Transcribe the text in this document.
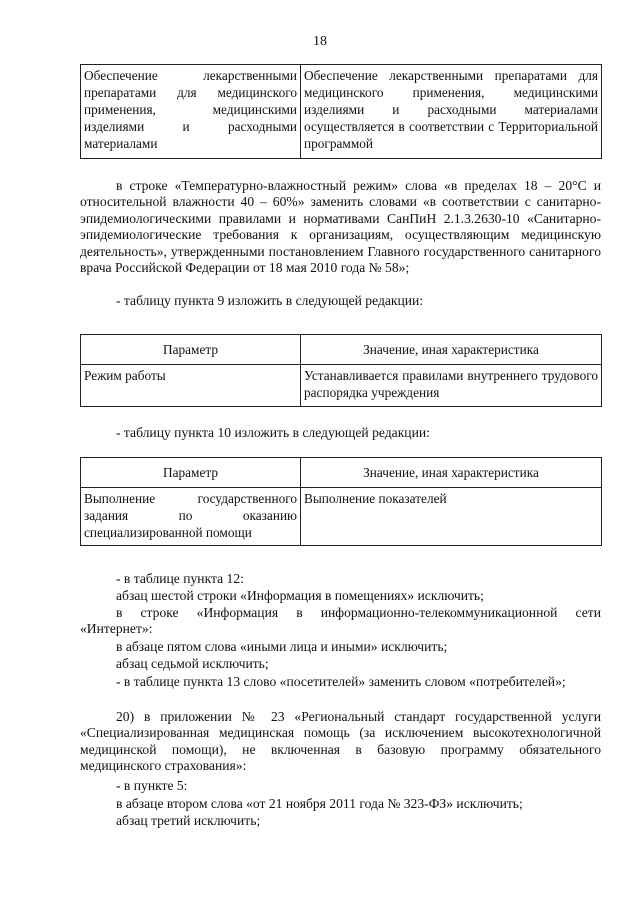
18
Обеспечение лекарственными препаратами для медицинского применения, медицинскими изделиями и расходными материалами	Обеспечение лекарственными препаратами для медицинского применения, медицинскими изделиями и расходными материалами осуществляется в соответствии с Территориальной программой

в строке «Температурно-влажностный режим» слова «в пределах 18 – 20°С и относительной влажности 40 – 60%» заменить словами «в соответствии с санитарно-эпидемиологическими правилами и нормативами СанПиН 2.1.3.2630-10 «Санитарно-эпидемиологические требования к организациям, осуществляющим медицинскую деятельность», утвержденными постановлением Главного государственного санитарного врача Российской Федерации от 18 мая 2010 года № 58»;

- таблицу пункта 9 изложить в следующей редакции:
Параметр	Значение, иная характеристика
Режим работы	Устанавливается правилами внутреннего трудового распорядка учреждения
- таблицу пункта 10 изложить в следующей редакции:
Параметр	Значение, иная характеристика
Выполнение государственного задания по оказанию специализированной помощи	Выполнение показателей
- в таблице пункта 12:
абзац шестой строки «Информация в помещениях» исключить;

в строке «Информация в информационно-телекоммуникационной сети «Интернет»:

в абзаце пятом слова «иными лица и иными» исключить;
абзац седьмой исключить;

- в таблице пункта 13 слово «посетителей» заменить словом «потребителей»;

20) в приложении № 23 «Региональный стандарт государственной услуги «Специализированная медицинская помощь (за исключением высокотехнологичной медицинской помощи), не включенная в базовую программу обязательного медицинского страхования»:

- в пункте 5:
в абзаце втором слова «от 21 ноября 2011 года № 323-ФЗ» исключить;
абзац третий исключить;
